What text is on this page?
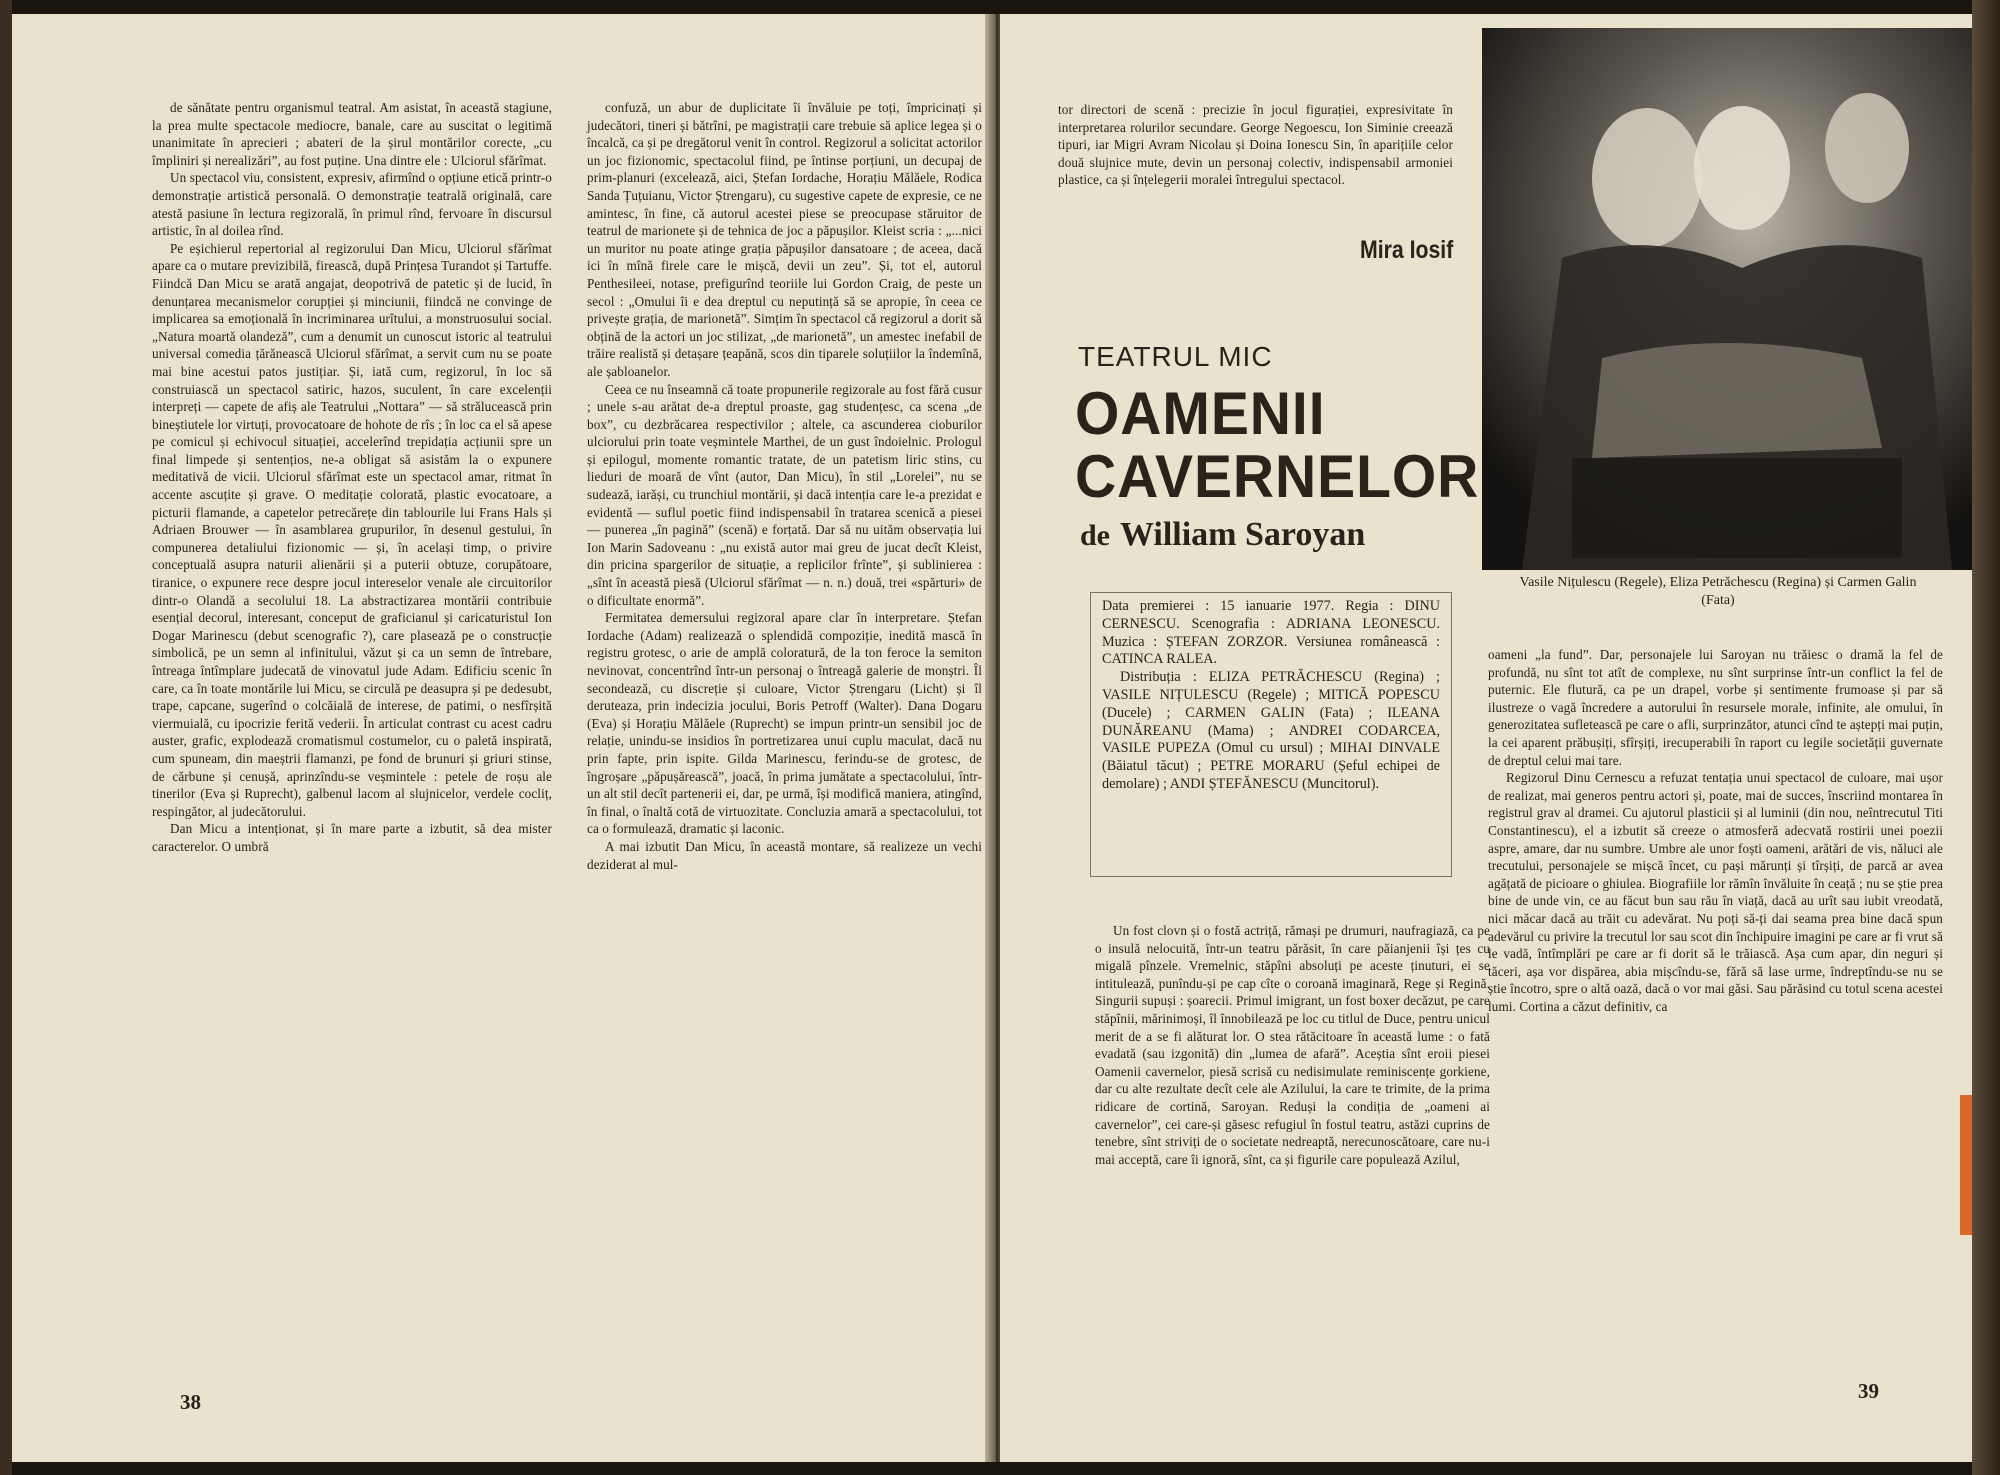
de sănătate pentru organismul teatral. Am asistat, în această stagiune, la prea multe spectacole mediocre, banale, care au suscitat o legitimă unanimitate în aprecieri ; abateri de la șirul montărilor corecte, „cu împliniri și nerealizări”, au fost puține. Una dintre ele : Ulciorul sfărîmat.

Un spectacol viu, consistent, expresiv, afirmînd o opțiune etică printr-o demonstrație artistică personală. O demonstrație teatrală originală, care atestă pasiune în lectura regizorală, în primul rînd, fervoare în discursul artistic, în al doilea rînd.

Pe eșichierul repertorial al regizorului Dan Micu, Ulciorul sfărîmat apare ca o mutare previzibilă, firească, după Prințesa Turandot și Tartuffe. Fiindcă Dan Micu se arată angajat, deopotrivă de patetic și de lucid, în denunțarea mecanismelor corupției și minciunii, fiindcă ne convinge de implicarea sa emoțională în incriminarea urîtului, a monstruosului social. „Natura moartă olandeză”, cum a denumit un cunoscut istoric al teatrului universal comedia țărănească Ulciorul sfărîmat, a servit cum nu se poate mai bine acestui patos justițiar. Și, iată cum, regizorul, în loc să construiască un spectacol satiric, hazos, suculent, în care excelenții interpreți — capete de afiș ale Teatrului „Nottara” — să strălucească prin bineștiutele lor virtuți, provocatoare de hohote de rîs ; în loc ca el să apese pe comicul și echivocul situației, accelerînd trepidația acțiunii spre un final limpede și sentențios, ne-a obligat să asistăm la o expunere meditativă de vicii. Ulciorul sfărîmat este un spectacol amar, ritmat în accente ascuțite și grave. O meditație colorată, plastic evocatoare, a picturii flamande, a capetelor petrecărețe din tablourile lui Frans Hals și Adriaen Brouwer — în asamblarea grupurilor, în desenul gestului, în compunerea detaliului fizionomic — și, în același timp, o privire conceptuală asupra naturii alienării și a puterii obtuze, corupătoare, tiranice, o expunere rece despre jocul intereselor venale ale circuitorilor dintr-o Olandă a secolului 18. La abstractizarea montării contribuie esențial decorul, interesant, conceput de graficianul și caricaturistul Ion Dogar Marinescu (debut scenografic ?), care plasează pe o construcție simbolică, pe un semn al infinitului, văzut și ca un semn de întrebare, întreaga întîmplare judecată de vinovatul jude Adam. Edificiu scenic în care, ca în toate montările lui Micu, se circulă pe deasupra și pe dedesubt, trape, capcane, sugerînd o colcăială de interese, de patimi, o nesfîrșită viermuială, cu ipocrizie ferită vederii. În articulat contrast cu acest cadru auster, grafic, explodează cromatismul costumelor, cu o paletă inspirată, cum spuneam, din maeștrii flamanzi, pe fond de brunuri și griuri stinse, de cărbune și cenușă, aprinzîndu-se veșmintele : petele de roșu ale tinerilor (Eva și Ruprecht), galbenul lacom al slujnicelor, verdele cocliț, respingător, al judecătorului.

Dan Micu a intenționat, și în mare parte a izbutit, să dea mister caracterelor. O umbră

confuză, un abur de duplicitate îi învăluie pe toți, împricinați și judecători, tineri și bătrîni, pe magistrații care trebuie să aplice legea și o încalcă, ca și pe dregătorul venit în control. Regizorul a solicitat actorilor un joc fizionomic, spectacolul fiind, pe întinse porțiuni, un decupaj de prim-planuri (excelează, aici, Ștefan Iordache, Horațiu Mălăele, Rodica Sanda Țuțuianu, Victor Ștrengaru), cu sugestive capete de expresie, ce ne amintesc, în fine, că autorul acestei piese se preocupase stăruitor de teatrul de marionete și de tehnica de joc a păpușilor. Kleist scria : „...nici un muritor nu poate atinge grația păpușilor dansatoare ; de aceea, dacă ici în mînă firele care le mișcă, devii un zeu”. Și, tot el, autorul Penthesileei, notase, prefigurînd teoriile lui Gordon Craig, de peste un secol : „Omului îi e dea dreptul cu neputință să se apropie, în ceea ce privește grația, de marionetă”. Simțim în spectacol că regizorul a dorit să obțină de la actori un joc stilizat, „de marionetă”, un amestec inefabil de trăire realistă și detașare țeapănă, scos din tiparele soluțiilor la îndemînă, ale șabloanelor.

Ceea ce nu înseamnă că toate propunerile regizorale au fost fără cusur ; unele s-au arătat de-a dreptul proaste, gag studențesc, ca scena „de box”, cu dezbrăcarea respectivilor ; altele, ca ascunderea cioburilor ulciorului prin toate veșmintele Marthei, de un gust îndoielnic. Prologul și epilogul, momente romantic tratate, de un patetism liric stins, cu lieduri de moară de vînt (autor, Dan Micu), în stil „Lorelei”, nu se sudează, iarăși, cu trunchiul montării, și dacă intenția care le-a prezidat e evidentă — suflul poetic fiind indispensabil în tratarea scenică a piesei — punerea „în pagină” (scenă) e forțată. Dar să nu uităm observația lui Ion Marin Sadoveanu : „nu există autor mai greu de jucat decît Kleist, din pricina spargerilor de situație, a replicilor frînte”, și sublinierea : „sînt în această piesă (Ulciorul sfărîmat — n. n.) două, trei «spărturi» de o dificultate enormă”.

Fermitatea demersului regizoral apare clar în interpretare. Ștefan Iordache (Adam) realizează o splendidă compoziție, inedită mască în registru grotesc, o arie de amplă coloratură, de la ton feroce la semiton nevinovat, concentrînd într-un personaj o întreagă galerie de monștri. Îl secondează, cu discreție și culoare, Victor Ștrengaru (Licht) și îl deruteaza, prin indecizia jocului, Boris Petroff (Walter). Dana Dogaru (Eva) și Horațiu Mălăele (Ruprecht) se impun printr-un sensibil joc de relație, unindu-se insidios în portretizarea unui cuplu maculat, dacă nu prin fapte, prin ispite. Gilda Marinescu, ferindu-se de grotesc, de îngroșare „păpușărească”, joacă, în prima jumătate a spectacolului, într-un alt stil decît partenerii ei, dar, pe urmă, își modifică maniera, atingînd, în final, o înaltă cotă de virtuozitate. Concluzia amară a spectacolului, tot ca o formulează, dramatic și laconic.

A mai izbutit Dan Micu, în această montare, să realizeze un vechi deziderat al mul-

38

tor directori de scenă : precizie în jocul figurației, expresivitate în interpretarea rolurilor secundare. George Negoescu, Ion Siminie creează tipuri, iar Migri Avram Nicolau și Doina Ionescu Sin, în aparițiile celor două slujnice mute, devin un personaj colectiv, indispensabil armoniei plastice, ca și înțelegerii moralei întregului spectacol.

Mira Iosif
TEATRUL MIC
OAMENII
CAVERNELOR
de William Saroyan

Data premierei : 15 ianuarie 1977. Regia : DINU CERNESCU. Scenografia : ADRIANA LEONESCU. Muzica : ȘTEFAN ZORZOR. Versiunea românească : CATINCA RALEA.

Distribuția : ELIZA PETRĂCHESCU (Regina) ; VASILE NIȚULESCU (Regele) ; MITICĂ POPESCU (Ducele) ; CARMEN GALIN (Fata) ; ILEANA DUNĂREANU (Mama) ; ANDREI CODARCEA, VASILE PUPEZA (Omul cu ursul) ; MIHAI DINVALE (Băiatul tăcut) ; PETRE MORARU (Șeful echipei de demolare) ; ANDI ȘTEFĂNESCU (Muncitorul).

Vasile Nițulescu (Regele), Eliza Petrăchescu (Regina) și Carmen Galin (Fata)

Un fost clovn și o fostă actriță, rămași pe drumuri, naufragiază, ca pe o insulă nelocuită, într-un teatru părăsit, în care păianjenii își țes cu migală pînzele. Vremelnic, stăpîni absoluți pe aceste ținuturi, ei se intitulează, punîndu-și pe cap cîte o coroană imaginară, Rege și Regină. Singurii supuși : șoarecii. Primul imigrant, un fost boxer decăzut, pe care stăpînii, mărinimoși, îl înnobilează pe loc cu titlul de Duce, pentru unicul merit de a se fi alăturat lor. O stea rătăcitoare în această lume : o fată evadată (sau izgonită) din „lumea de afară”. Aceștia sînt eroii piesei Oamenii cavernelor, piesă scrisă cu nedisimulate reminiscențe gorkiene, dar cu alte rezultate decît cele ale Azilului, la care te trimite, de la prima ridicare de cortină, Saroyan. Reduși la condiția de „oameni ai cavernelor”, cei care-și găsesc refugiul în fostul teatru, astăzi cuprins de tenebre, sînt striviți de o societate nedreaptă, nerecunoscătoare, care nu-i mai acceptă, care îi ignoră, sînt, ca și figurile care populează Azilul,

oameni „la fund”. Dar, personajele lui Saroyan nu trăiesc o dramă la fel de profundă, nu sînt tot atît de complexe, nu sînt surprinse într-un conflict la fel de puternic. Ele flutură, ca pe un drapel, vorbe și sentimente frumoase și par să ilustreze o vagă încredere a autorului în resursele morale, infinite, ale omului, în generozitatea sufletească pe care o afli, surprinzător, atunci cînd te aștepți mai puțin, la cei aparent prăbușiți, sfîrșiți, irecuperabili în raport cu legile societății guvernate de dreptul celui mai tare.

Regizorul Dinu Cernescu a refuzat tentația unui spectacol de culoare, mai ușor de realizat, mai generos pentru actori și, poate, mai de succes, înscriind montarea în registrul grav al dramei. Cu ajutorul plasticii și al luminii (din nou, neîntrecutul Titi Constantinescu), el a izbutit să creeze o atmosferă adecvată rostirii unei poezii aspre, amare, dar nu sumbre. Umbre ale unor foști oameni, arătări de vis, năluci ale trecutului, personajele se mișcă încet, cu pași mărunți și tîrșiți, de parcă ar avea agățată de picioare o ghiulea. Biografiile lor rămîn învăluite în ceață ; nu se știe prea bine de unde vin, ce au făcut bun sau rău în viață, dacă au urît sau iubit vreodată, nici măcar dacă au trăit cu adevărat. Nu poți să-ți dai seama prea bine dacă spun adevărul cu privire la trecutul lor sau scot din închipuire imagini pe care ar fi vrut să le vadă, întîmplări pe care ar fi dorit să le trăiască. Așa cum apar, din neguri și tăceri, așa vor dispărea, abia mișcîndu-se, fără să lase urme, îndreptîndu-se nu se știe încotro, spre o altă oază, dacă o vor mai găsi. Sau părăsind cu totul scena acestei lumi. Cortina a căzut definitiv, ca

39
